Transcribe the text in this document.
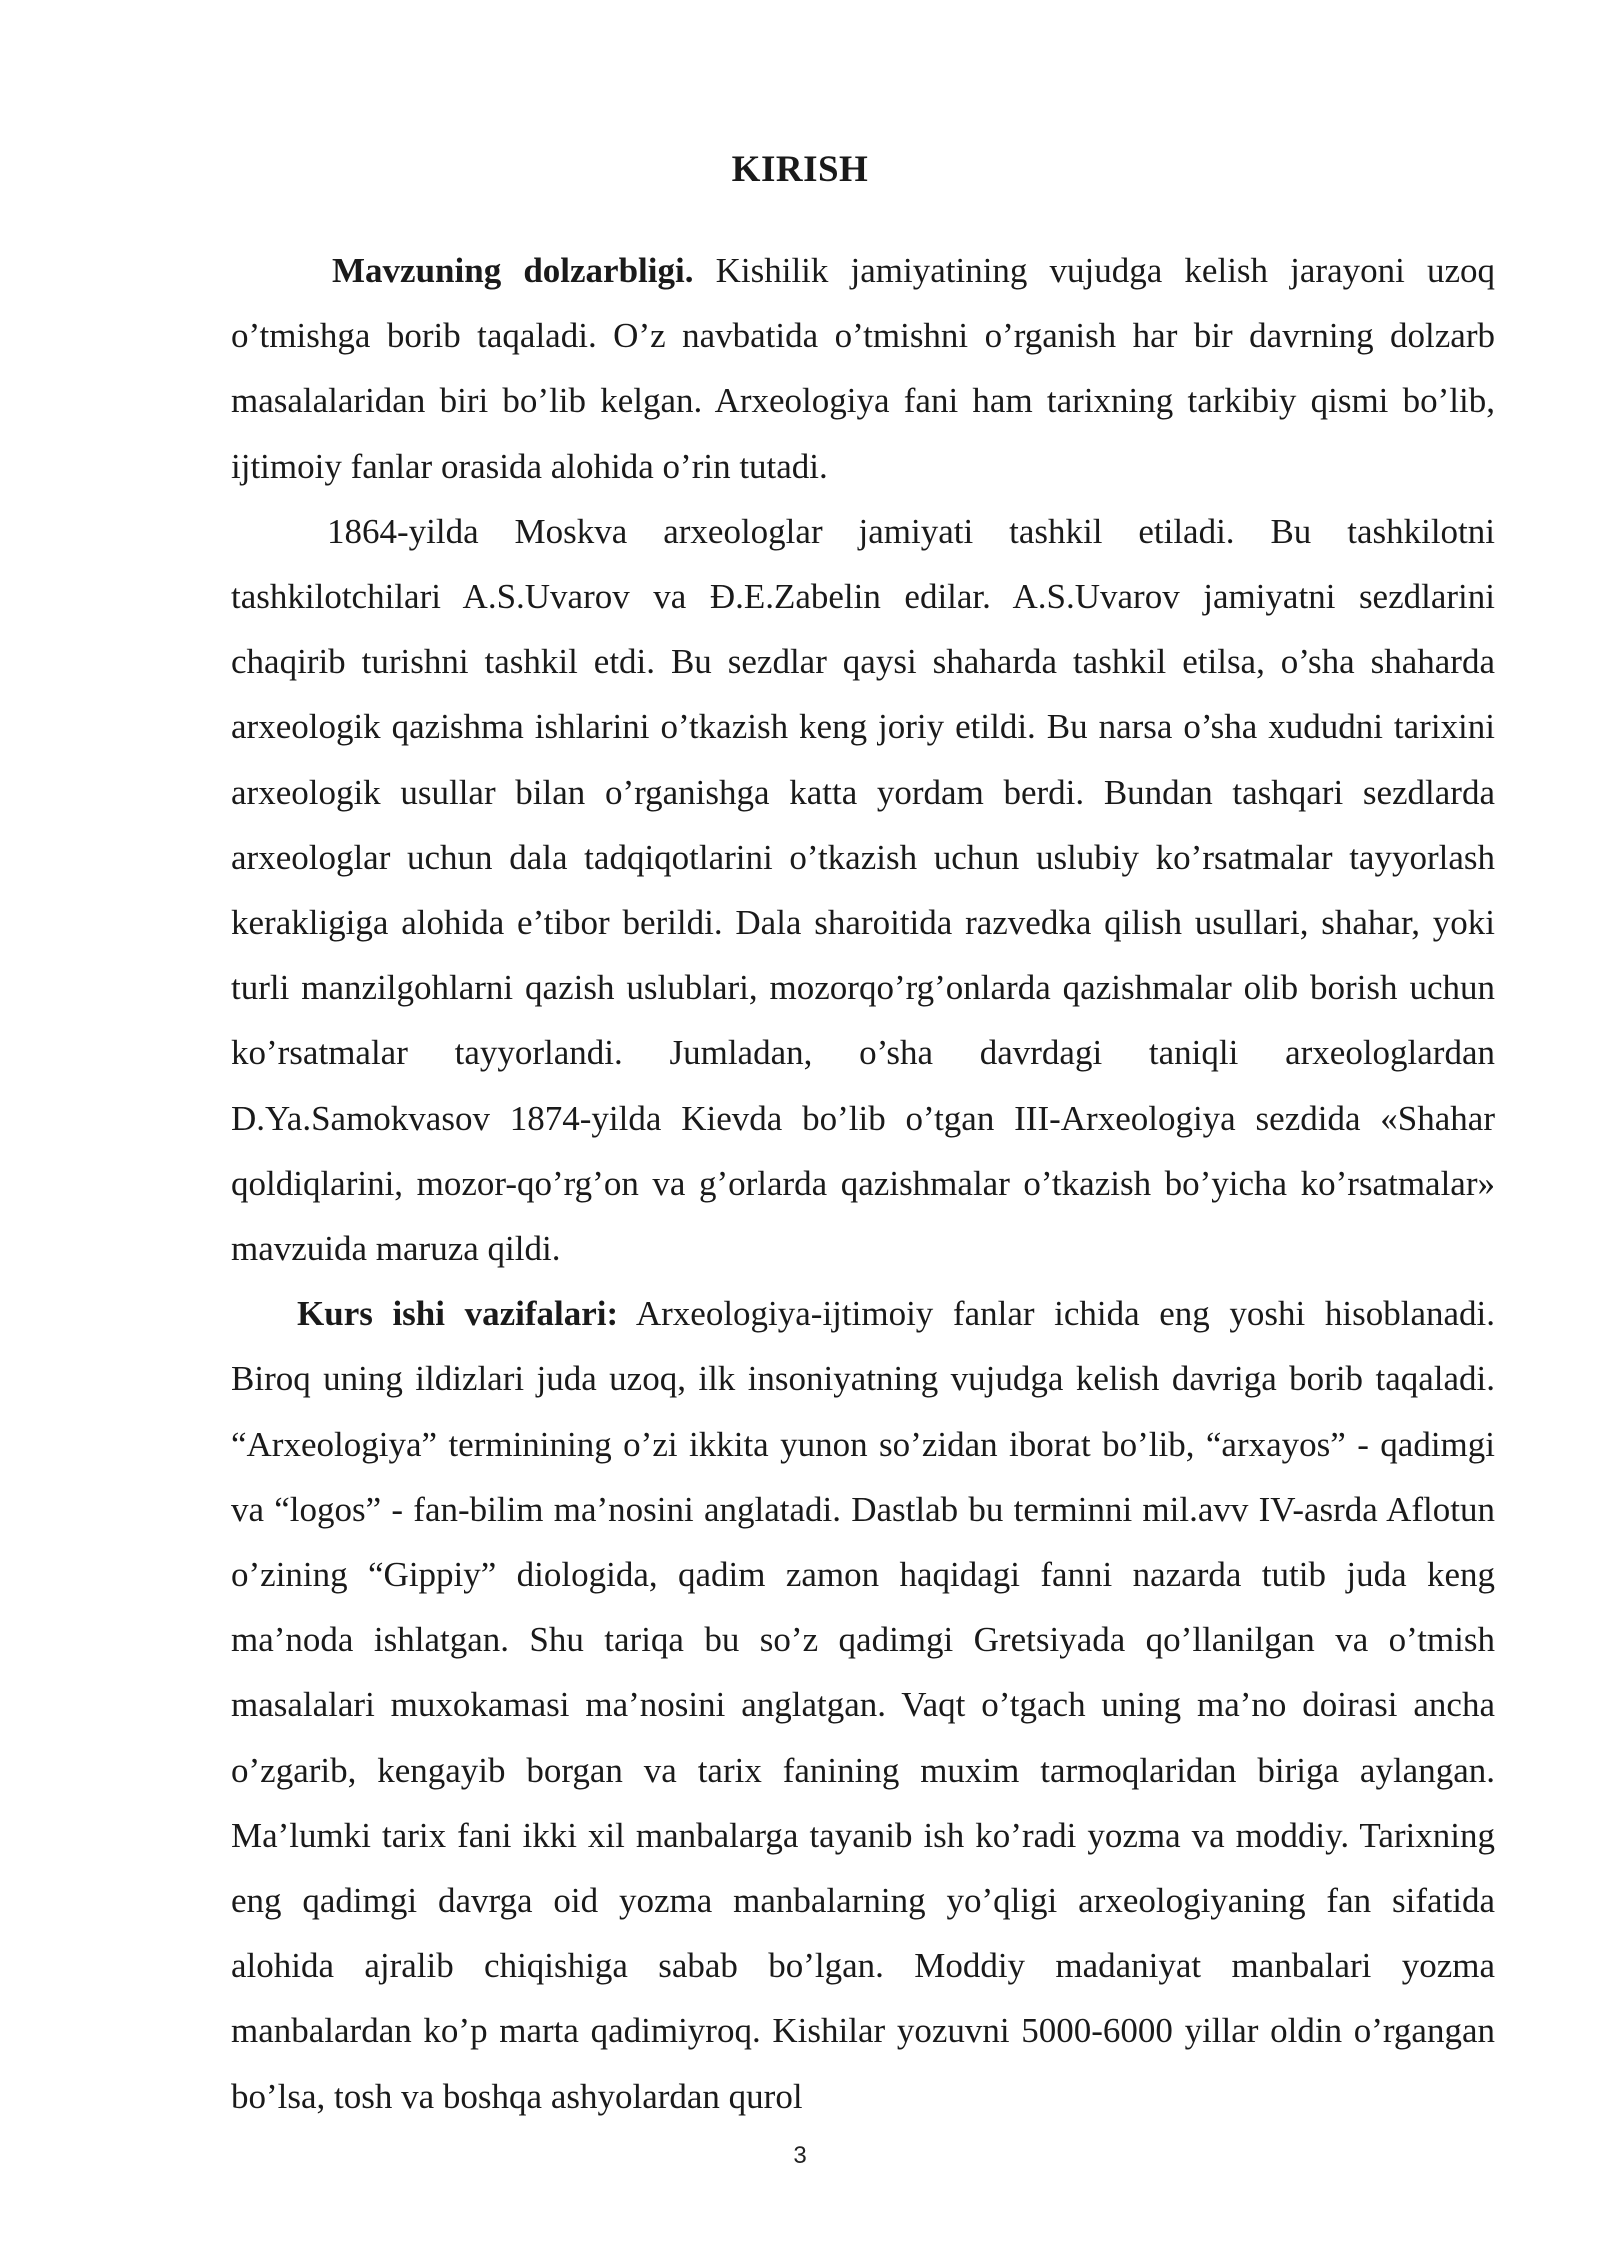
KIRISH

Mavzuning dolzarbligi. Kishilik jamiyatining vujudga kelish jarayoni uzoq o’tmishga borib taqaladi. O’z navbatida o’tmishni o’rganish har bir davrning dolzarb masalalaridan biri bo’lib kelgan. Arxeologiya fani ham tarixning tarkibiy qismi bo’lib, ijtimoiy fanlar orasida alohida o’rin tutadi.

1864-yilda Moskva arxeologlar jamiyati tashkil etiladi. Bu tashkilotni tashkilotchilari A.S.Uvarov va Ð.E.Zabelin edilar. A.S.Uvarov jamiyatni sezdlarini chaqirib turishni tashkil etdi. Bu sezdlar qaysi shaharda tashkil etilsa, o’sha shaharda arxeologik qazishma ishlarini o’tkazish keng joriy etildi. Bu narsa o’sha xududni tarixini arxeologik usullar bilan o’rganishga katta yordam berdi. Bundan tashqari sezdlarda arxeologlar uchun dala tadqiqotlarini o’tkazish uchun uslubiy ko’rsatmalar tayyorlash kerakligiga alohida e’tibor berildi. Dala sharoitida razvedka qilish usullari, shahar, yoki turli manzilgohlarni qazish uslublari, mozorqo’rg’onlarda qazishmalar olib borish uchun ko’rsatmalar tayyorlandi. Jumladan, o’sha davrdagi taniqli arxeologlardan D.Ya.Samokvasov 1874-yilda Kievda bo’lib o’tgan III-Arxeologiya sezdida «Shahar qoldiqlarini, mozor-qo’rg’on va g’orlarda qazishmalar o’tkazish bo’yicha ko’rsatmalar» mavzuida maruza qildi.

Kurs ishi vazifalari: Arxeologiya-ijtimoiy fanlar ichida eng yoshi hisoblanadi. Biroq uning ildizlari juda uzoq, ilk insoniyatning vujudga kelish davriga borib taqaladi. “Arxeologiya” terminining o’zi ikkita yunon so’zidan iborat bo’lib, “arxayos” - qadimgi va “logos” - fan-bilim ma’nosini anglatadi. Dastlab bu terminni mil.avv IV-asrda Aflotun o’zining “Gippiy” diologida, qadim zamon haqidagi fanni nazarda tutib juda keng ma’noda ishlatgan. Shu tariqa bu so’z qadimgi Gretsiyada qo’llanilgan va o’tmish masalalari muxokamasi ma’nosini anglatgan. Vaqt o’tgach uning ma’no doirasi ancha o’zgarib, kengayib borgan va tarix fanining muxim tarmoqlaridan biriga aylangan. Ma’lumki tarix fani ikki xil manbalarga tayanib ish ko’radi yozma va moddiy. Tarixning eng qadimgi davrga oid yozma manbalarning yo’qligi arxeologiyaning fan sifatida alohida ajralib chiqishiga sabab bo’lgan. Moddiy madaniyat manbalari yozma manbalardan ko’p marta qadimiyroq. Kishilar yozuvni 5000-6000 yillar oldin o’rgangan bo’lsa, tosh va boshqa ashyolardan qurol

3
